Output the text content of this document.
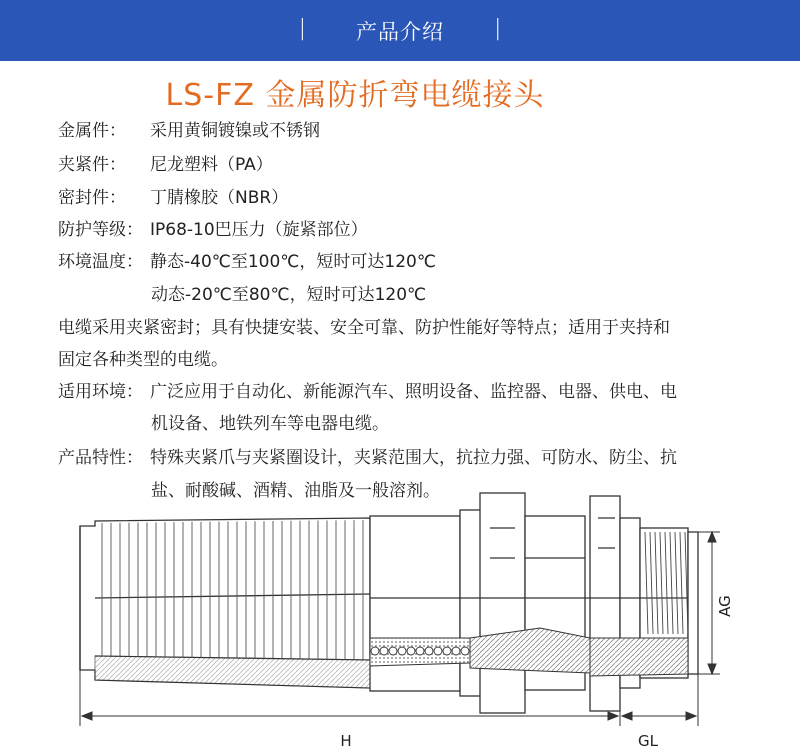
| 产品介绍 |
LS-FZ 金属防折弯电缆接头
金属件： 采用黄铜镀镍或不锈钢
夹紧件： 尼龙塑料（PA）
密封件： 丁腈橡胶（NBR）
防护等级： IP68-10巴压力（旋紧部位）
环境温度： 静态-40℃至100℃，短时可达120℃
动态-20℃至80℃，短时可达120℃
电缆采用夹紧密封；具有快捷安装、安全可靠、防护性能好等特点；适用于夹持和
固定各种类型的电缆。
适用环境： 广泛应用于自动化、新能源汽车、照明设备、监控器、电器、供电、电
机设备、地铁列车等电器电缆。
产品特性： 特殊夹紧爪与夹紧圈设计，夹紧范围大，抗拉力强、可防水、防尘、抗
盐、耐酸碱、酒精、油脂及一般溶剂。
AG
H	GL
